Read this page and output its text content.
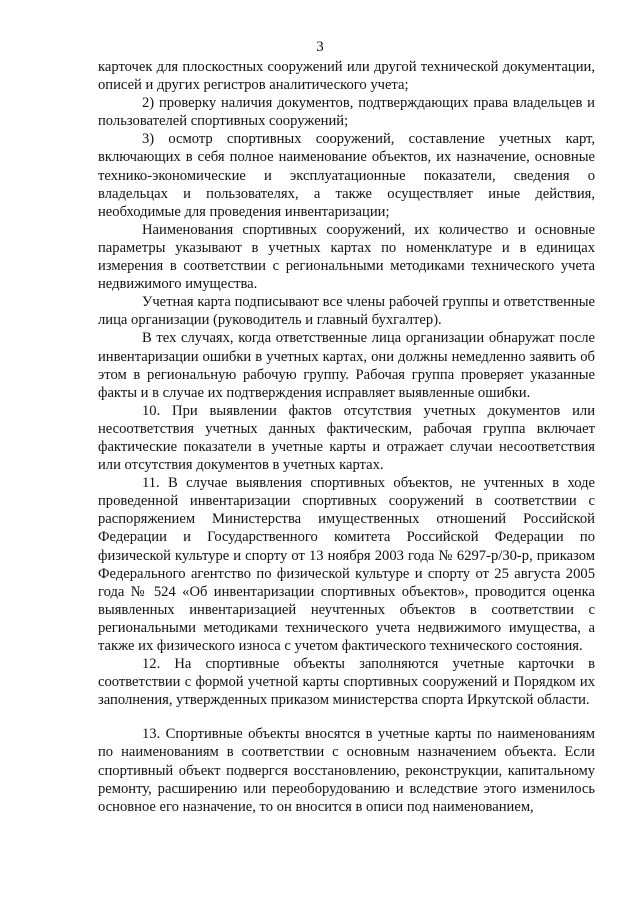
3

карточек для плоскостных сооружений или другой технической документации, описей и других регистров аналитического учета;

2) проверку наличия документов, подтверждающих права владельцев и пользователей спортивных сооружений;

3) осмотр спортивных сооружений, составление учетных карт, включающих в себя полное наименование объектов, их назначение, основные технико-экономические и эксплуатационные показатели, сведения о владельцах и пользователях, а также осуществляет иные действия, необходимые для проведения инвентаризации;

Наименования спортивных сооружений, их количество и основные параметры указывают в учетных картах по номенклатуре и в единицах измерения в соответствии с региональными методиками технического учета недвижимого имущества.

Учетная карта подписывают все члены рабочей группы и ответственные лица организации (руководитель и главный бухгалтер).

В тех случаях, когда ответственные лица организации обнаружат после инвентаризации ошибки в учетных картах, они должны немедленно заявить об этом в региональную рабочую группу. Рабочая группа проверяет указанные факты и в случае их подтверждения исправляет выявленные ошибки.

10. При выявлении фактов отсутствия учетных документов или несоответствия учетных данных фактическим, рабочая группа включает фактические показатели в учетные карты и отражает случаи несоответствия или отсутствия документов в учетных картах.

11. В случае выявления спортивных объектов, не учтенных в ходе проведенной инвентаризации спортивных сооружений в соответствии с распоряжением Министерства имущественных отношений Российской Федерации и Государственного комитета Российской Федерации по физической культуре и спорту от 13 ноября 2003 года № 6297-р/30-р, приказом Федерального агентство по физической культуре и спорту от 25 августа 2005 года № 524 «Об инвентаризации спортивных объектов», проводится оценка выявленных инвентаризацией неучтенных объектов в соответствии с региональными методиками технического учета недвижимого имущества, а также их физического износа с учетом фактического технического состояния.

12. На спортивные объекты заполняются учетные карточки в соответствии с формой учетной карты спортивных сооружений и Порядком их заполнения, утвержденных приказом министерства спорта Иркутской области.

13. Спортивные объекты вносятся в учетные карты по наименованиям по наименованиям в соответствии с основным назначением объекта. Если спортивный объект подвергся восстановлению, реконструкции, капитальному ремонту, расширению или переоборудованию и вследствие этого изменилось основное его назначение, то он вносится в описи под наименованием,
